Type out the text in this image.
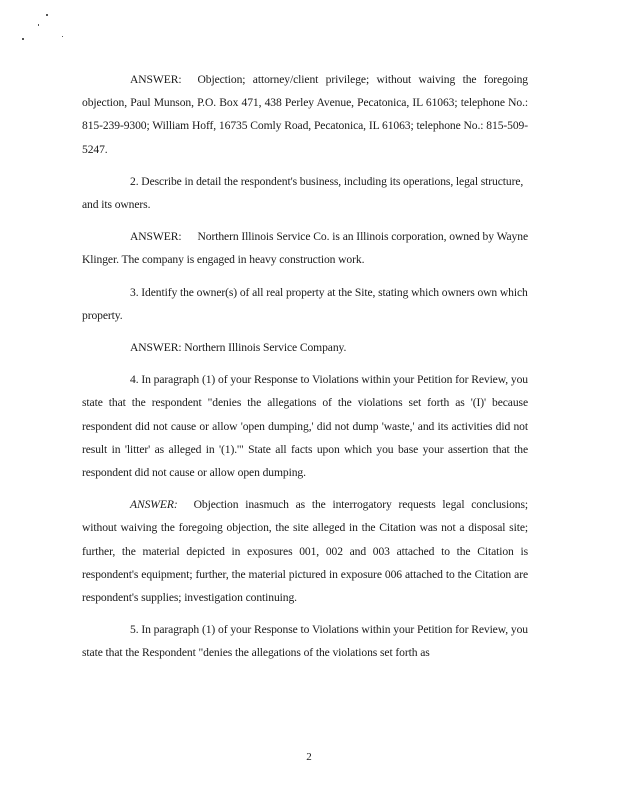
ANSWER: Objection; attorney/client privilege; without waiving the foregoing objection, Paul Munson, P.O. Box 471, 438 Perley Avenue, Pecatonica, IL 61063; telephone No.: 815-239-9300; William Hoff, 16735 Comly Road, Pecatonica, IL 61063; telephone No.: 815-509-5247.

2. Describe in detail the respondent's business, including its operations, legal structure, and its owners.

ANSWER: Northern Illinois Service Co. is an Illinois corporation, owned by Wayne Klinger. The company is engaged in heavy construction work.

3. Identify the owner(s) of all real property at the Site, stating which owners own which property.

ANSWER: Northern Illinois Service Company.

4. In paragraph (1) of your Response to Violations within your Petition for Review, you state that the respondent "denies the allegations of the violations set forth as '(I)' because respondent did not cause or allow 'open dumping,' did not dump 'waste,' and its activities did not result in 'litter' as alleged in '(1).'" State all facts upon which you base your assertion that the respondent did not cause or allow open dumping.

ANSWER: Objection inasmuch as the interrogatory requests legal conclusions; without waiving the foregoing objection, the site alleged in the Citation was not a disposal site; further, the material depicted in exposures 001, 002 and 003 attached to the Citation is respondent's equipment; further, the material pictured in exposure 006 attached to the Citation are respondent's supplies; investigation continuing.

5. In paragraph (1) of your Response to Violations within your Petition for Review, you state that the Respondent "denies the allegations of the violations set forth as

2
